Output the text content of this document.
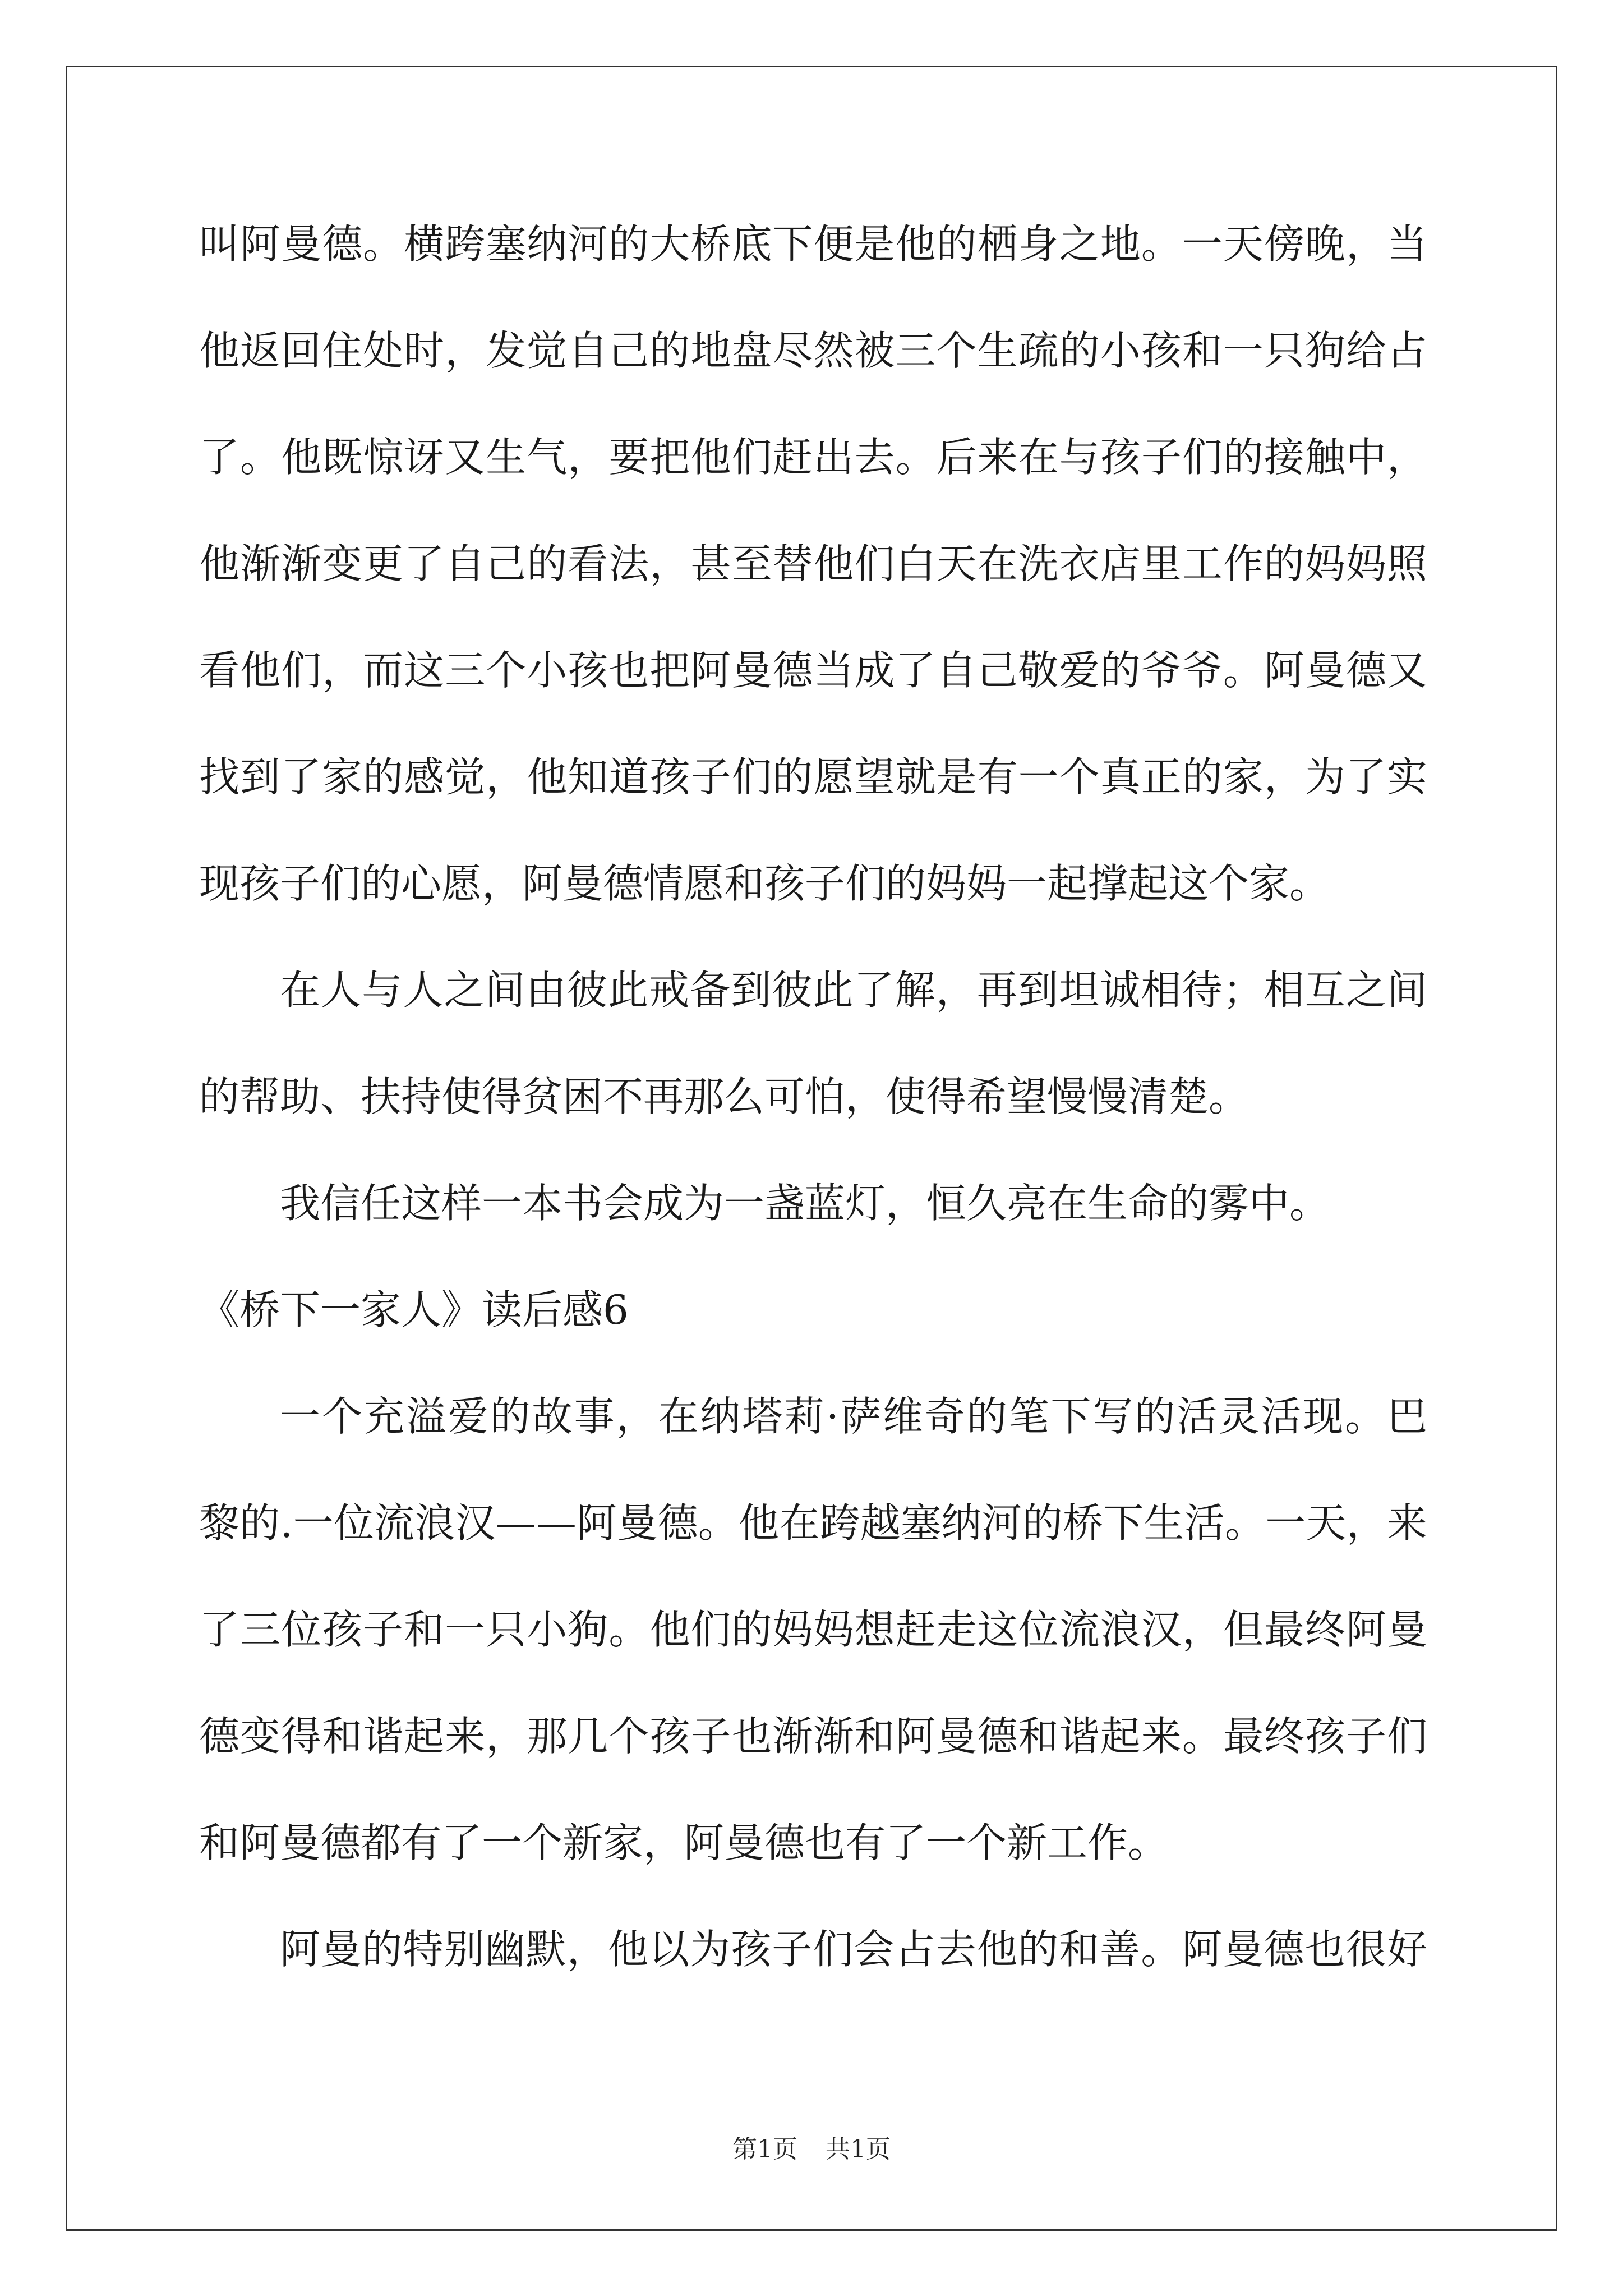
叫阿曼德。横跨塞纳河的大桥底下便是他的栖身之地。一天傍晚，当
他返回住处时，发觉自己的地盘尽然被三个生疏的小孩和一只狗给占
了。他既惊讶又生气，要把他们赶出去。后来在与孩子们的接触中，
他渐渐变更了自己的看法，甚至替他们白天在洗衣店里工作的妈妈照
看他们，而这三个小孩也把阿曼德当成了自己敬爱的爷爷。阿曼德又
找到了家的感觉，他知道孩子们的愿望就是有一个真正的家，为了实
现孩子们的心愿，阿曼德情愿和孩子们的妈妈一起撑起这个家。
在人与人之间由彼此戒备到彼此了解，再到坦诚相待；相互之间
的帮助、扶持使得贫困不再那么可怕，使得希望慢慢清楚。
我信任这样一本书会成为一盏蓝灯，恒久亮在生命的雾中。
《桥下一家人》读后感6
一个充溢爱的故事，在纳塔莉·萨维奇的笔下写的活灵活现。巴
黎的.一位流浪汉——阿曼德。他在跨越塞纳河的桥下生活。一天，来
了三位孩子和一只小狗。他们的妈妈想赶走这位流浪汉，但最终阿曼
德变得和谐起来，那几个孩子也渐渐和阿曼德和谐起来。最终孩子们
和阿曼德都有了一个新家，阿曼德也有了一个新工作。
阿曼的特别幽默，他以为孩子们会占去他的和善。阿曼德也很好
第1页 共1页
